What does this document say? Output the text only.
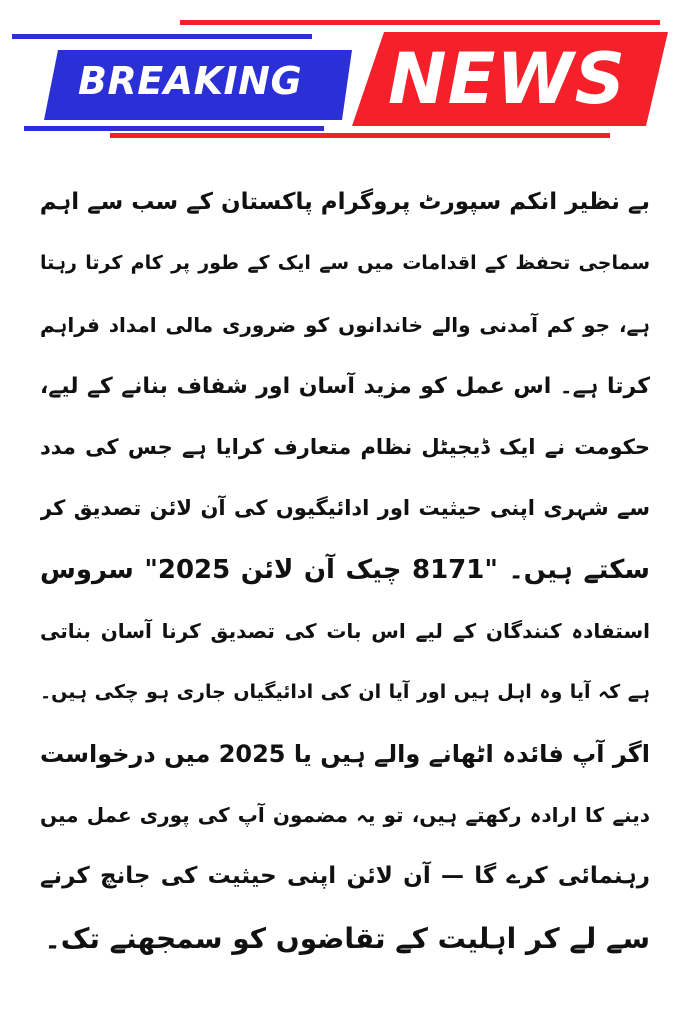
BREAKING NEWS
بے نظیر انکم سپورٹ پروگرام پاکستان کے سب سے اہم
سماجی تحفظ کے اقدامات میں سے ایک کے طور پر کام کرتا رہتا
ہے، جو کم آمدنی والے خاندانوں کو ضروری مالی امداد فراہم
کرتا ہے۔ اس عمل کو مزید آسان اور شفاف بنانے کے لیے،
حکومت نے ایک ڈیجیٹل نظام متعارف کرایا ہے جس کی مدد
سے شہری اپنی حیثیت اور ادائیگیوں کی آن لائن تصدیق کر
سکتے ہیں۔ "8171 چیک آن لائن 2025" سروس
استفادہ کنندگان کے لیے اس بات کی تصدیق کرنا آسان بناتی
ہے کہ آیا وہ اہل ہیں اور آیا ان کی ادائیگیاں جاری ہو چکی ہیں۔
اگر آپ فائدہ اٹھانے والے ہیں یا 2025 میں درخواست
دینے کا ارادہ رکھتے ہیں، تو یہ مضمون آپ کی پوری عمل میں
رہنمائی کرے گا — آن لائن اپنی حیثیت کی جانچ کرنے
سے لے کر اہلیت کے تقاضوں کو سمجھنے تک۔
